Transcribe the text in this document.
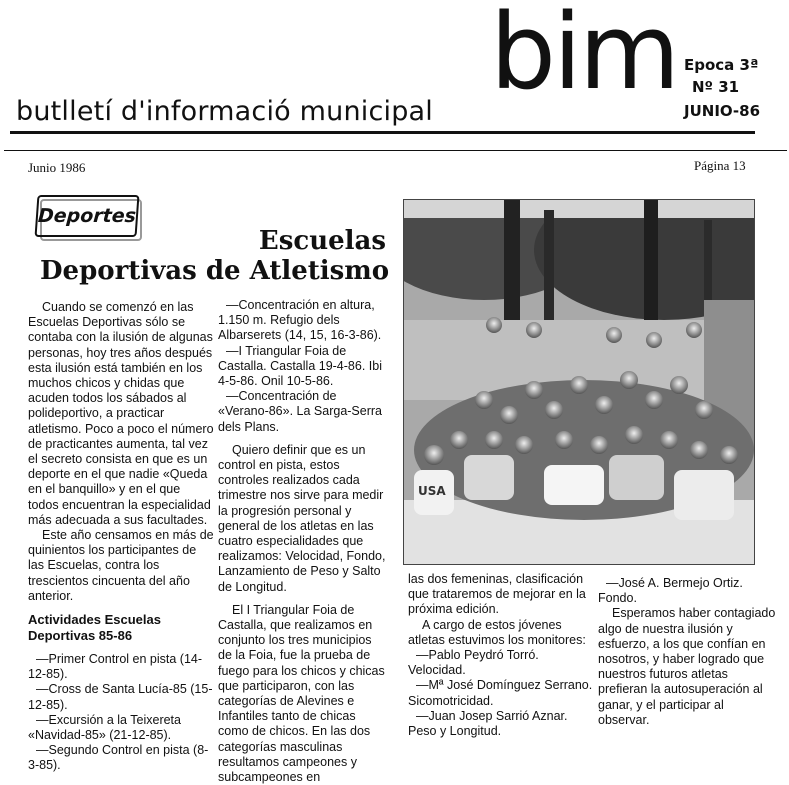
butlletí d'informació municipal bim Epoca 3ª
Nº 31
JUNIO-86
Junio 1986	Página 13
Deportes
Escuelas
Deportivas de Atletismo

Cuando se comenzó en las Escuelas Deportivas sólo se contaba con la ilusión de algunas personas, hoy tres años después esta ilusión está también en los muchos chicos y chidas que acuden todos los sábados al polideportivo, a practicar atletismo. Poco a poco el número de practicantes aumenta, tal vez el secreto consista en que es un deporte en el que nadie «Queda en el banquillo» y en el que todos encuentran la especialidad más adecuada a sus facultades.

Este año censamos en más de quinientos los participantes de las Escuelas, contra los trescientos cincuenta del año anterior.

Actividades Escuelas

Deportivas 85-86

—Primer Control en pista (14-12-85).

—Cross de Santa Lucía-85 (15-12-85).

—Excursión a la Teixereta «Navidad-85» (21-12-85).

—Segundo Control en pista (8-3-85).

—Concentración en altura, 1.150 m. Refugio dels Albarserets (14, 15, 16-3-86).

—I Triangular Foia de Castalla. Castalla 19-4-86. Ibi 4-5-86. Onil 10-5-86.

—Concentración de «Verano-86». La Sarga-Serra dels Plans.

Quiero definir que es un control en pista, estos controles realizados cada trimestre nos sirve para medir la progresión personal y general de los atletas en las cuatro especialidades que realizamos: Velocidad, Fondo, Lanzamiento de Peso y Salto de Longitud.

El I Triangular Foia de Castalla, que realizamos en conjunto los tres municipios de la Foia, fue la prueba de fuego para los chicos y chicas que participaron, con las categorías de Alevines e Infantiles tanto de chicas como de chicos. En las dos categorías masculinas resultamos campeones y subcampeones en

USA

las dos femeninas, clasificación que trataremos de mejorar en la próxima edición.

A cargo de estos jóvenes atletas estuvimos los monitores:

—Pablo Peydró Torró. Velocidad.

—Mª José Domínguez Serrano. Sicomotricidad.

—Juan Josep Sarrió Aznar. Peso y Longitud.

—José A. Bermejo Ortiz. Fondo.

Esperamos haber contagiado algo de nuestra ilusión y esfuerzo, a los que confían en nosotros, y haber logrado que nuestros futuros atletas prefieran la autosuperación al ganar, y el participar al observar.
